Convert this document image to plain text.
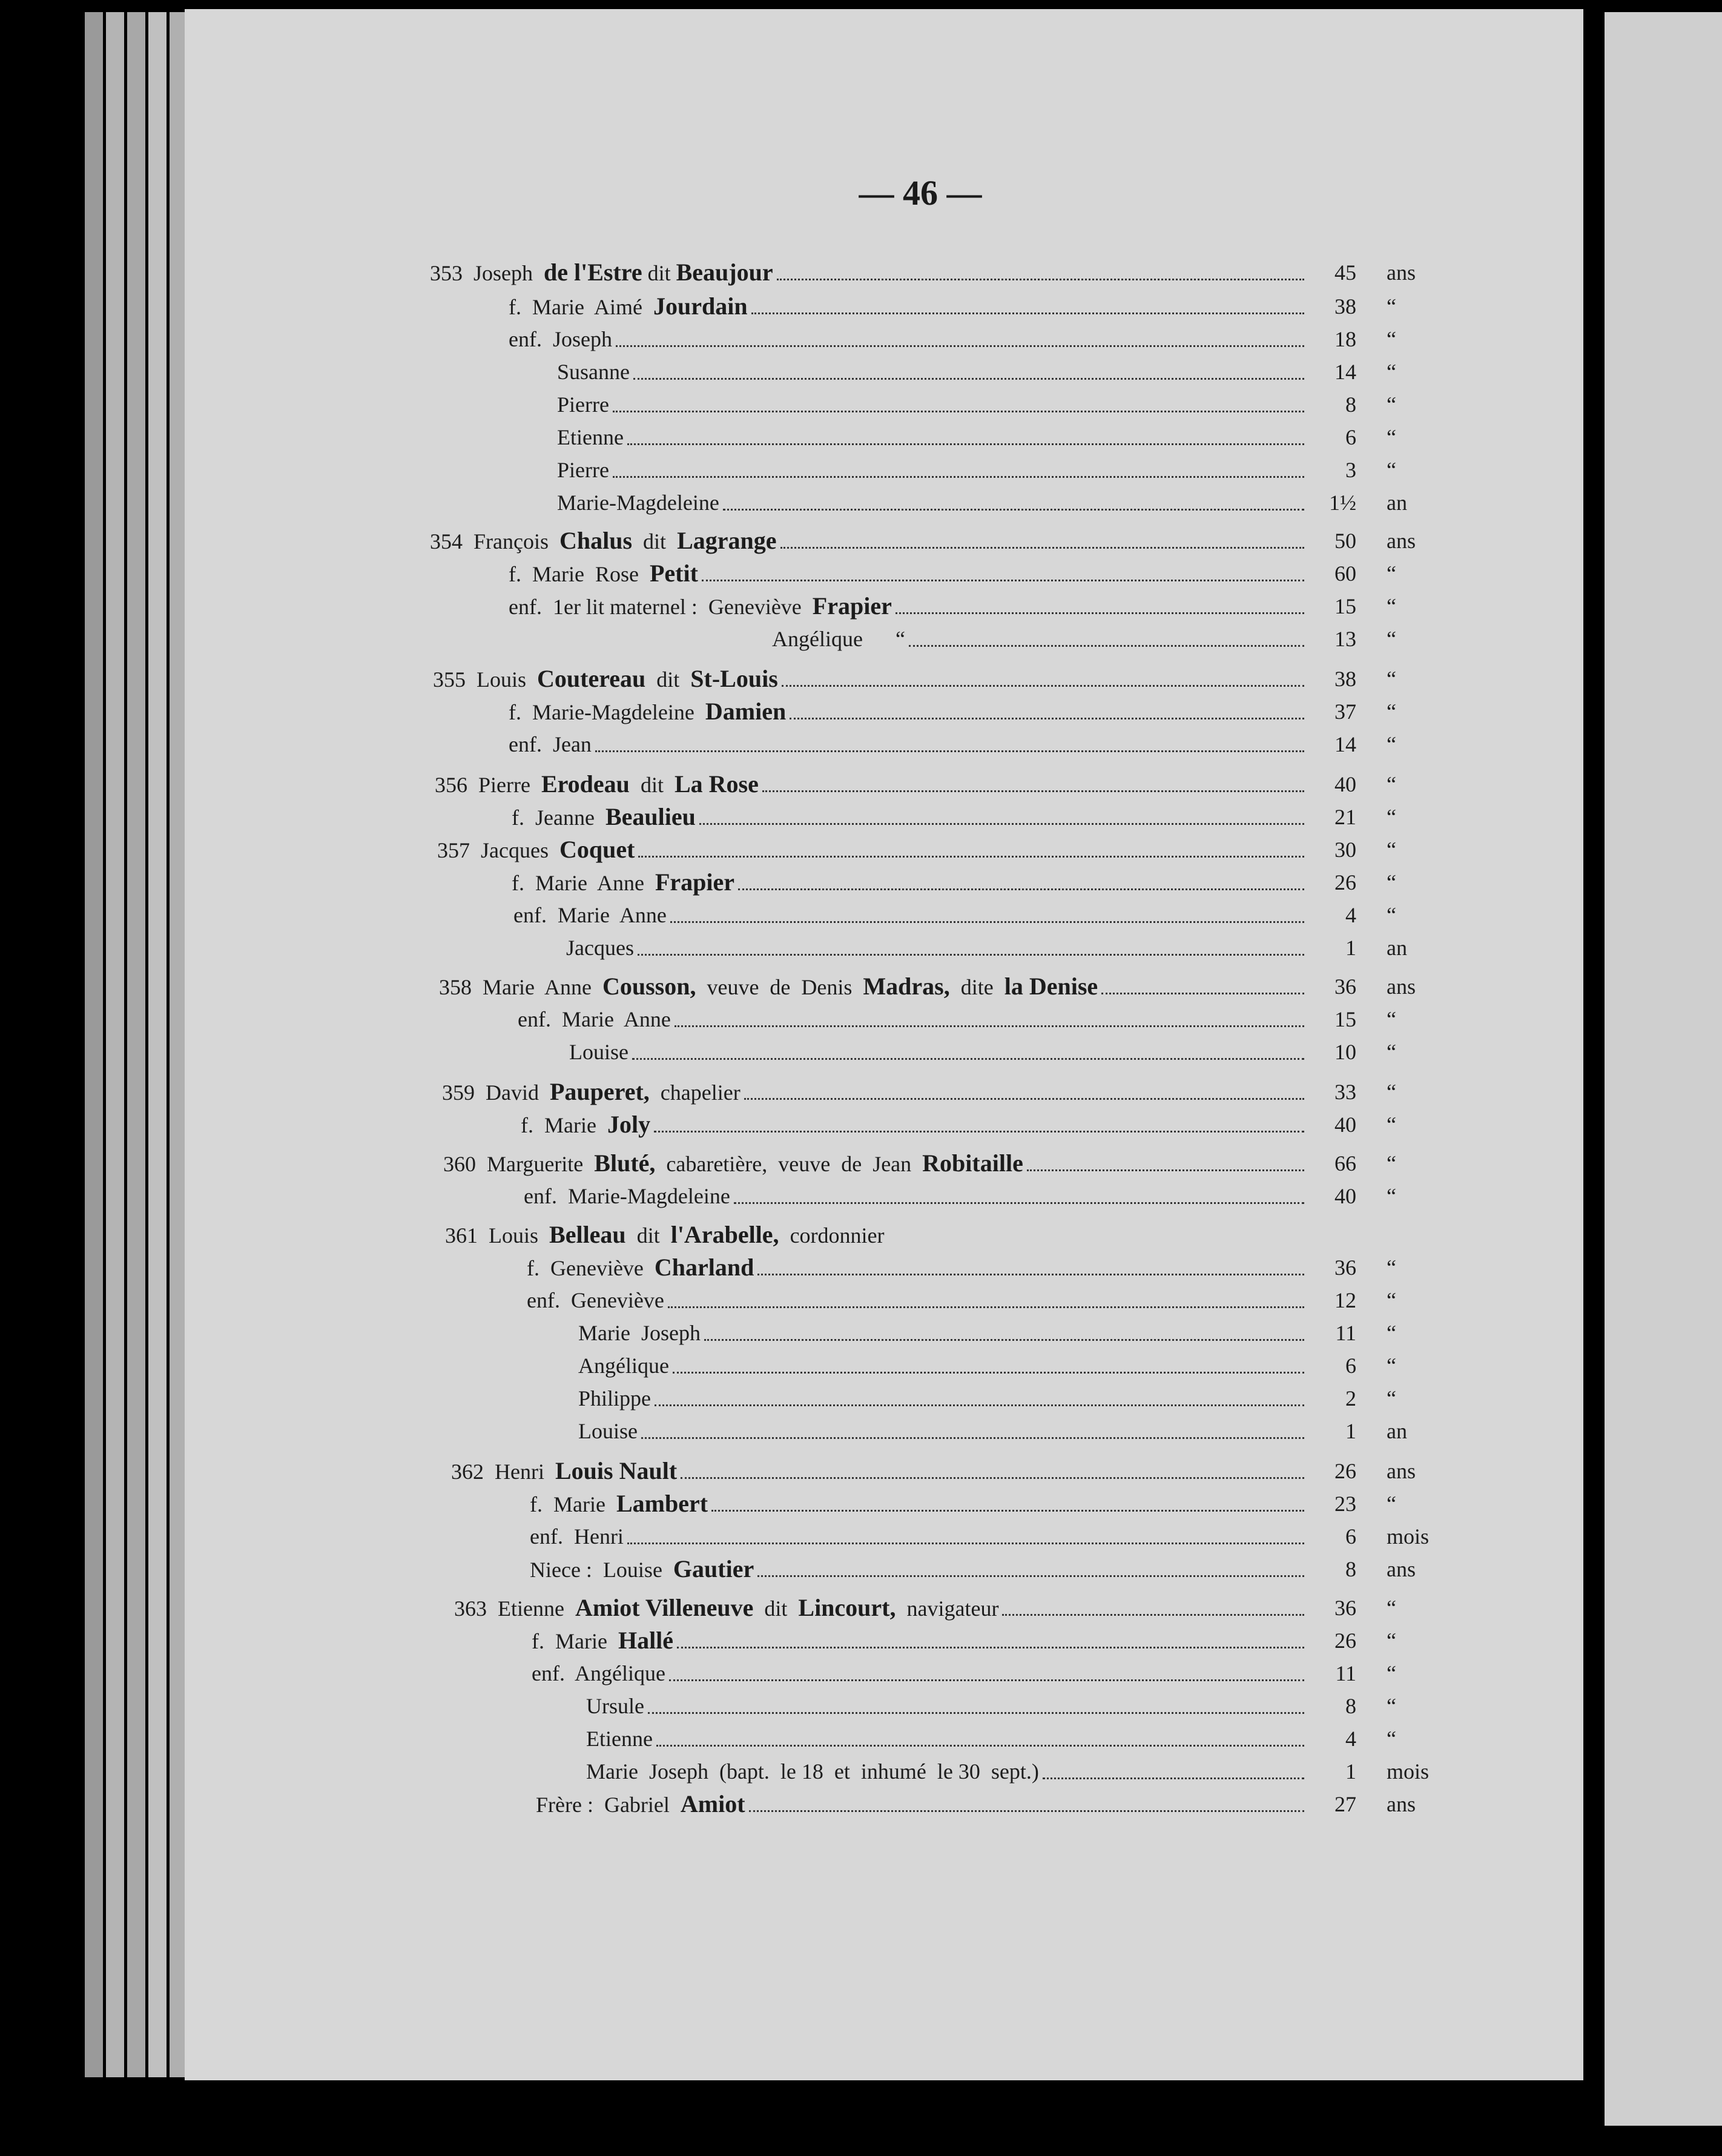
— 46 —
353  Joseph de l'Estre dit Beaujour	45 ans
f.  Marie  Aimé Jourdain	38 “
enf.  Joseph	18 “
Susanne	14 “
Pierre	8 “
Etienne	6 “
Pierre	3 “
Marie-Magdeleine	1½ an
354  François Chalus dit Lagrange	50 ans
f.  Marie  Rose Petit	60 “
enf.  1er lit maternel :  Geneviève Frapier	15 “
Angélique      “	13 “
355  Louis Coutereau dit St-Louis	38 “
f.  Marie-Magdeleine Damien	37 “
enf.  Jean	14 “
356  Pierre Erodeau dit La Rose	40 “
f.  Jeanne Beaulieu	21 “
357  Jacques Coquet	30 “
f.  Marie  Anne Frapier	26 “
enf.  Marie  Anne	4 “
Jacques	1 an
358  Marie  Anne Cousson, veuve  de  Denis Madras, dite la Denise	36 ans
enf.  Marie  Anne	15 “
Louise	10 “
359  David Pauperet, chapelier	33 “
f.  Marie Joly	40 “
360  Marguerite Bluté, cabaretière,  veuve  de  Jean Robitaille	66 “
enf.  Marie-Magdeleine	40 “
361  Louis Belleau dit l'Arabelle, cordonnier
f.  Geneviève Charland	36 “
enf.  Geneviève	12 “
Marie  Joseph	11 “
Angélique	6 “
Philippe	2 “
Louise	1 an
362  Henri Louis Nault	26 ans
f.  Marie Lambert	23 “
enf.  Henri	6 mois
Niece :  Louise Gautier	8 ans
363  Etienne Amiot Villeneuve dit Lincourt, navigateur	36 “
f.  Marie Hallé	26 “
enf.  Angélique	11 “
Ursule	8 “
Etienne	4 “
Marie  Joseph  (bapt.  le 18  et  inhumé  le 30  sept.)	1 mois
Frère :  Gabriel Amiot	27 ans
